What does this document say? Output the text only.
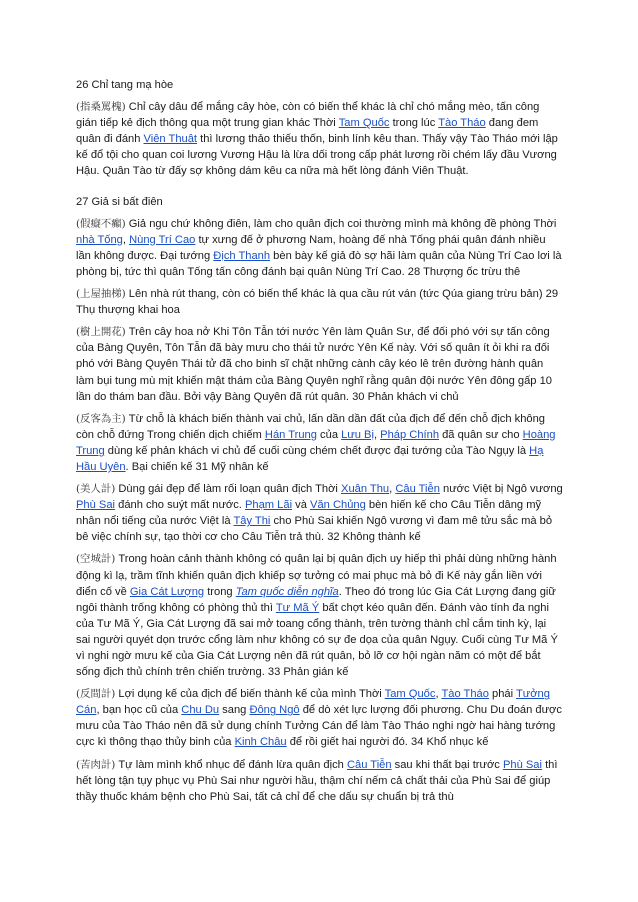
26 Chỉ tang mạ hòe

(指桑罵槐) Chỉ cây dâu để mắng cây hòe, còn có biến thể khác là chỉ chó mắng mèo, tấn công gián tiếp kẻ địch thông qua một trung gian khác Thời Tam Quốc trong lúc Tào Tháo đang đem quân đi đánh Viên Thuật thì lương thảo thiếu thốn, binh lính kêu than. Thấy vậy Tào Tháo mới lập kế đổ tội cho quan coi lương Vương Hậu là lừa dối trong cấp phát lương rồi chém lấy đầu Vương Hậu. Quân Tào từ đấy sợ không dám kêu ca nữa mà hết lòng đánh Viên Thuật.

27 Giả si bất điên

(假癡不癲) Giả ngu chứ không điên, làm cho quân địch coi thường mình mà không đề phòng Thời nhà Tống, Nùng Trí Cao tự xưng đế ở phương Nam, hoàng đế nhà Tống phái quân đánh nhiều lần không được. Đại tướng Địch Thanh bèn bày kế giả đò sợ hãi làm quân của Nùng Trí Cao lơi là phòng bị, tức thì quân Tống tấn công đánh bại quân Nùng Trí Cao. 28 Thượng ốc trừu thê

(上屋抽梯) Lên nhà rút thang, còn có biến thể khác là qua cầu rút ván (tức Qúa giang trừu bản) 29 Thụ thượng khai hoa

(樹上開花) Trên cây hoa nở Khi Tôn Tẫn tới nước Yên làm Quân Sư, để đối phó với sự tấn công của Bàng Quyên, Tôn Tẫn đã bày mưu cho thái tử nước Yên Kế này. Với số quân ít ỏi khi ra đối phó với Bàng Quyên Thái tử đã cho binh sĩ chặt những cành cây kéo lê trên đường hành quân làm bụi tung mù mịt khiến mật thám của Bàng Quyên nghĩ rằng quân đội nước Yên đông gấp 10 lần do thám ban đầu. Bởi vậy Bàng Quyên đã rút quân. 30 Phản khách vi chủ

(反客為主) Từ chỗ là khách biến thành vai chủ, lấn dần dần đất của địch để đến chỗ địch không còn chỗ đứng Trong chiến dịch chiếm Hán Trung của Lưu Bị, Pháp Chính đã quân sư cho Hoàng Trung dùng kế phản khách vi chủ để cuối cùng chém chết được đại tướng của Tào Ngụy là Hạ Hầu Uyên. Bại chiến kế 31 Mỹ nhân kế

(美人計) Dùng gái đẹp để làm rối loạn quân địch Thời Xuân Thu, Câu Tiễn nước Việt bị Ngô vương Phù Sai đánh cho suýt mất nước. Phạm Lãi và Văn Chủng bèn hiến kế cho Câu Tiễn dâng mỹ nhân nổi tiếng của nước Việt là Tây Thi cho Phù Sai khiến Ngô vương vì đam mê tửu sắc mà bỏ bê việc chính sự, tạo thời cơ cho Câu Tiễn trả thù. 32 Không thành kế

(空城計) Trong hoàn cảnh thành không có quân lại bị quân địch uy hiếp thì phải dùng những hành động kì lạ, trầm tĩnh khiến quân địch khiếp sợ tưởng có mai phục mà bỏ đi Kế này gắn liền với điển cố về Gia Cát Lượng trong Tam quốc diễn nghĩa. Theo đó trong lúc Gia Cát Lượng đang giữ ngôi thành trống không có phòng thủ thì Tư Mã Ý bất chợt kéo quân đến. Đánh vào tính đa nghi của Tư Mã Ý, Gia Cát Lượng đã sai mở toang cổng thành, trên tường thành chỉ cắm tinh kỳ, lại sai người quyét dọn trước cổng làm như không có sự đe dọa của quân Ngụy. Cuối cùng Tư Mã Ý vì nghi ngờ mưu kế của Gia Cát Lượng nên đã rút quân, bỏ lỡ cơ hội ngàn năm có một để bắt sống địch thủ chính trên chiến trường. 33 Phản gián kế

(反間計) Lợi dụng kế của địch để biến thành kế của mình Thời Tam Quốc, Tào Tháo phái Tưởng Cán, bạn học cũ của Chu Du sang Đông Ngô để dò xét lực lượng đối phương. Chu Du đoán được mưu của Tào Tháo nên đã sử dụng chính Tưởng Cán để làm Tào Tháo nghi ngờ hai hàng tướng cực kì thông thạo thủy binh của Kinh Châu để rồi giết hai người đó. 34 Khổ nhục kế

(苦肉計) Tự làm mình khổ nhục để đánh lừa quân địch Câu Tiễn sau khi thất bại trước Phù Sai thì hết lòng tận tụy phục vụ Phù Sai như người hầu, thậm chí nếm cả chất thải của Phù Sai để giúp thầy thuốc khám bệnh cho Phù Sai, tất cả chỉ để che dấu sự chuẩn bị trả thù
